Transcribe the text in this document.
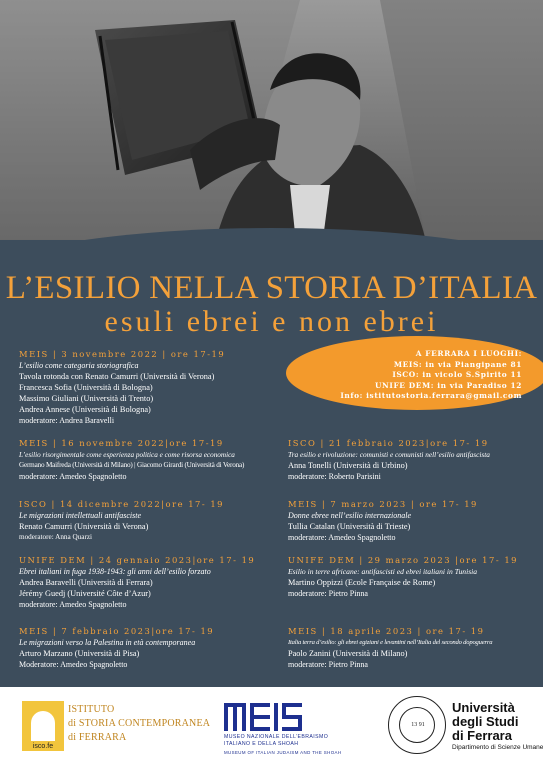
L’ESILIO NELLA STORIA D’ITALIA
esuli ebrei e non ebrei
A FERRARA I LUOGHI:
MEIS: in via Piangipane 81
ISCO: in vicolo S.Spirito 11
UNIFE DEM: in via Paradiso 12
Info: istitutostoria.ferrara@gmail.com
MEIS | 3 novembre 2022 | ore 17-19
L’esilio come categoria storiografica
Tavola rotonda con Renato Camurri (Università di Verona)
Francesca Sofia (Università di Bologna)
Massimo Giuliani (Università di Trento)
Andrea Annese (Università di Bologna)
moderatore: Andrea Baravelli
MEIS | 16 novembre 2022|ore 17-19
L’esilio risorgimentale come esperienza politica e come risorsa economica
Germano Maifreda (Università di Milano) | Giacomo Girardi (Università di Verona)
moderatore: Amedeo Spagnoletto
ISCO | 21 febbraio 2023|ore 17- 19
Tra esilio e rivoluzione: comunisti e comunisti nell’esilio antifascista
Anna Tonelli (Università di Urbino)
moderatore: Roberto Parisini
ISCO | 14 dicembre 2022|ore 17- 19
Le migrazioni intellettuali antifasciste
Renato Camurri (Università di Verona)
moderatore: Anna Quarzi
MEIS | 7 marzo 2023 | ore 17- 19
Donne ebree nell’esilio internazionale
Tullia Catalan (Università di Trieste)
moderatore: Amedeo Spagnoletto
UNIFE DEM | 24 gennaio 2023|ore 17- 19
Ebrei italiani in fuga 1938-1943: gli anni dell’esilio forzato
Andrea Baravelli (Università di Ferrara)
Jérémy Guedj (Université Côte d’Azur)
moderatore: Amedeo Spagnoletto
UNIFE DEM | 29 marzo 2023 |ore 17- 19
Esilio in terre africane: antifascisti ed ebrei italiani in Tunisia
Martino Oppizzi (Ecole Française de Rome)
moderatore: Pietro Pinna
MEIS | 7 febbraio 2023|ore 17- 19
Le migrazioni verso la Palestina in età contemporanea
Arturo Marzano (Università di Pisa)
Moderatore: Amedeo Spagnoletto
MEIS | 18 aprile 2023 | ore 17- 19
Italia terra d’esilio: gli ebrei egiziani e levantini nell’Italia del secondo dopoguerra
Paolo Zanini (Università di Milano)
moderatore: Pietro Pinna
isco.fe
ISTITUTO
di STORIA CONTEMPORANEA
di FERRARA	MUSEO NAZIONALE DELL’EBRAISMO
ITALIANO E DELLA SHOAH
MUSEUM OF ITALIAN JUDAISM AND THE SHOAH
13 91
Università
degli Studi
di Ferrara
Dipartimento di Scienze Umane
